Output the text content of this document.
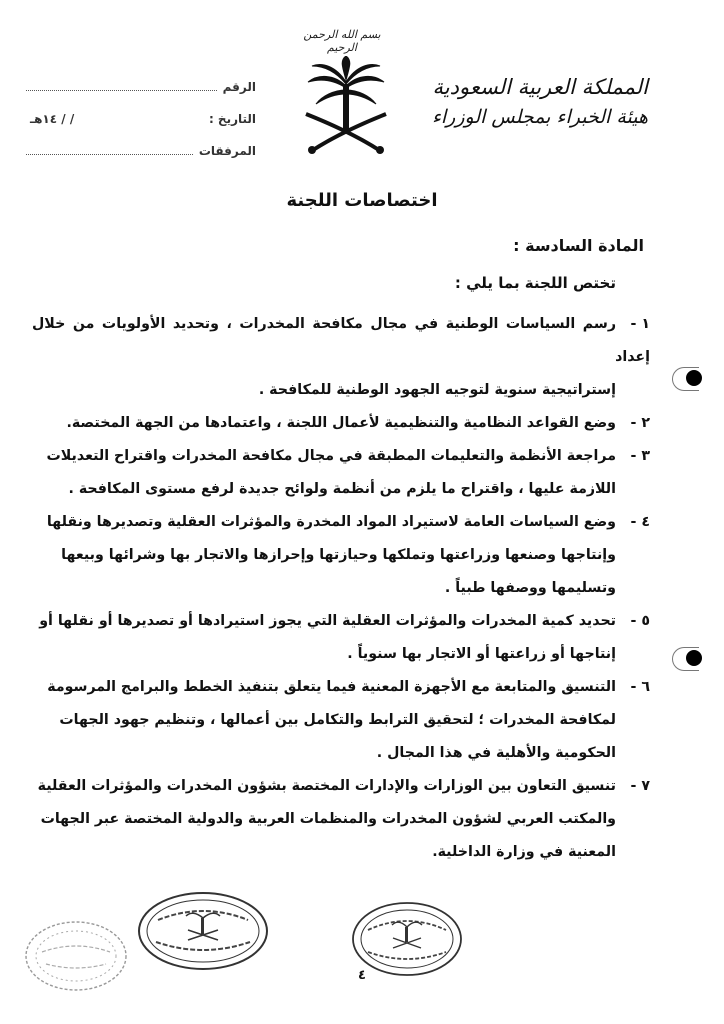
بسم الله الرحمن الرحيم
المملكة العربية السعودية
هيئة الخبراء بمجلس الوزراء
الرقم
التاريخ :
/ / ١٤هـ
المرفقات
اختصاصات اللجنة
المادة السادسة :
تختص اللجنة بما يلي :

١ -رسم السياسات الوطنية في مجال مكافحة المخدرات ، وتحديد الأولويات من خلال إعداد

إستراتيجية سنوية لتوجيه الجهود الوطنية للمكافحة .

٢ -وضع القواعد النظامية والتنظيمية لأعمال اللجنة ، واعتمادها من الجهة المختصة.

٣ -مراجعة الأنظمة والتعليمات المطبقة في مجال مكافحة المخدرات واقتراح التعديلات

اللازمة عليها ، واقتراح ما يلزم من أنظمة ولوائح جديدة لرفع مستوى المكافحة .

٤ -وضع السياسات العامة لاستيراد المواد المخدرة والمؤثرات العقلية وتصديرها ونقلها

وإنتاجها وصنعها وزراعتها وتملكها وحيازتها وإحرازها والاتجار بها وشرائها وبيعها

وتسليمها ووصفها طبياً .

٥ -تحديد كمية المخدرات والمؤثرات العقلية التي يجوز استيرادها أو تصديرها أو نقلها أو

إنتاجها أو زراعتها أو الاتجار بها سنوياً .

٦ -التنسيق والمتابعة مع الأجهزة المعنية فيما يتعلق بتنفيذ الخطط والبرامج المرسومة

لمكافحة المخدرات ؛ لتحقيق الترابط والتكامل بين أعمالها ، وتنظيم جهود الجهات

الحكومية والأهلية في هذا المجال .

٧ -تنسيق التعاون بين الوزارات والإدارات المختصة بشؤون المخدرات والمؤثرات العقلية

والمكتب العربي لشؤون المخدرات والمنظمات العربية والدولية المختصة عبر الجهات

المعنية في وزارة الداخلية.

٤
